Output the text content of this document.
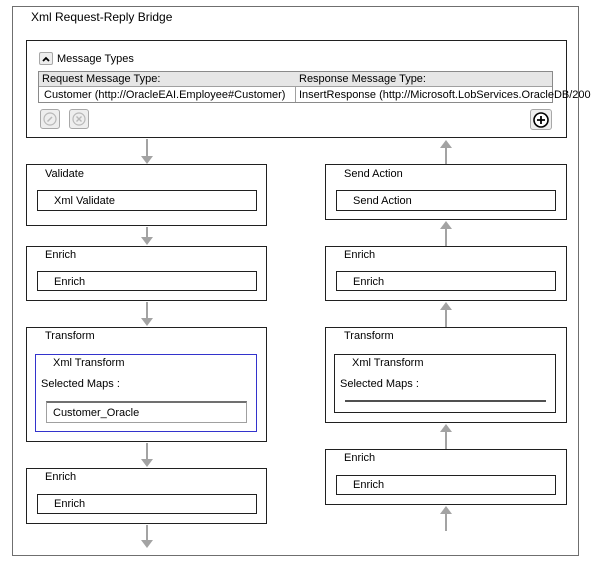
Xml Request-Reply Bridge
Message Types
Request Message Type:	Response Message Type:
Customer (http://OracleEAI.Employee#Customer) InsertResponse (http://Microsoft.LobServices.OracleDB/200
Validate
Xml Validate
Enrich
Enrich
Transform
Xml Transform
Selected Maps :
Customer_Oracle
Enrich
Enrich
Send Action
Send Action
Enrich
Enrich
Transform
Xml Transform
Selected Maps :
Enrich
Enrich
